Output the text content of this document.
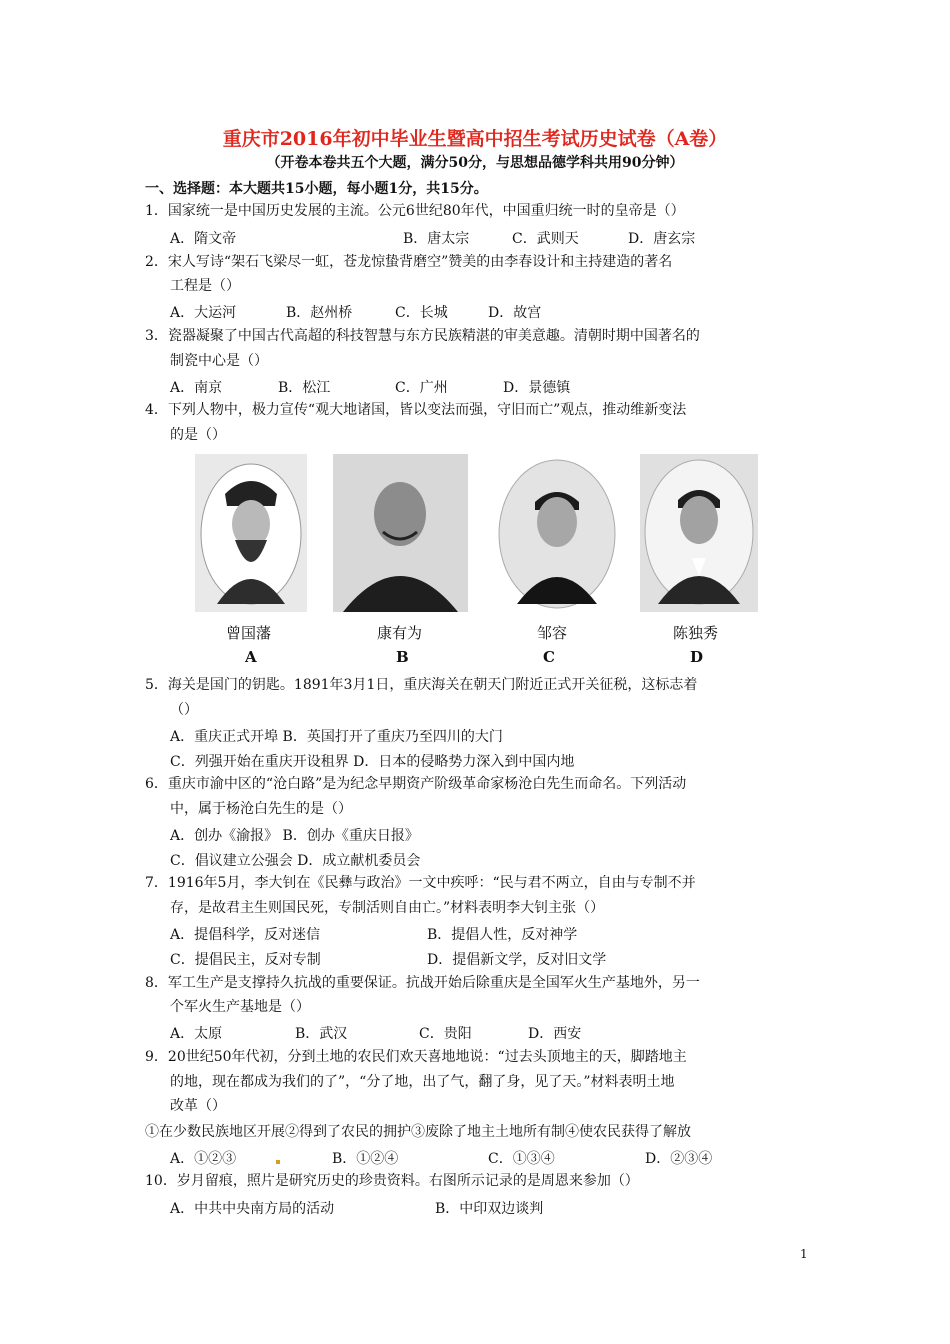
重庆市2016年初中毕业生暨高中招生考试历史试卷（A卷）
（开卷本卷共五个大题，满分50分，与思想品德学科共用90分钟）
一、选择题：本大题共15小题，每小题1分，共15分。
1．国家统一是中国历史发展的主流。公元6世纪80年代，中国重归统一时的皇帝是（）
A．隋文帝	B．唐太宗	C．武则天	D．唐玄宗
2．宋人写诗“架石飞梁尽一虹，苍龙惊蛰背磨空”赞美的由李春设计和主持建造的著名
工程是（）
A．大运河	B．赵州桥	C．长城	D．故宫
3．瓷器凝聚了中国古代高超的科技智慧与东方民族精湛的审美意趣。清朝时期中国著名的
制瓷中心是（）
A．南京	B．松江	C．广州	D．景德镇
4．下列人物中，极力宣传“观大地诸国，皆以变法而强，守旧而亡”观点，推动维新变法
的是（）
曾国藩	康有为	邹容	陈独秀
A	B	C	D
5．海关是国门的钥匙。1891年3月1日，重庆海关在朝天门附近正式开关征税，这标志着
（）
A．重庆正式开埠 B．英国打开了重庆乃至四川的大门
C．列强开始在重庆开设租界 D．日本的侵略势力深入到中国内地
6．重庆市渝中区的“沧白路”是为纪念早期资产阶级革命家杨沧白先生而命名。下列活动
中，属于杨沧白先生的是（）
A．创办《渝报》 B．创办《重庆日报》
C．倡议建立公强会 D．成立献机委员会
7．1916年5月，李大钊在《民彝与政治》一文中疾呼：“民与君不两立，自由与专制不并
存，是故君主生则国民死，专制活则自由亡。”材料表明李大钊主张（）
A．提倡科学，反对迷信	B．提倡人性，反对神学
C．提倡民主，反对专制	D．提倡新文学，反对旧文学
8．军工生产是支撑持久抗战的重要保证。抗战开始后除重庆是全国军火生产基地外，另一
个军火生产基地是（）
A．太原	B．武汉	C．贵阳	D．西安
9．20世纪50年代初，分到土地的农民们欢天喜地地说：“过去头顶地主的天，脚踏地主
的地，现在都成为我们的了”，“分了地，出了气，翻了身，见了天。”材料表明土地
改革（）
①在少数民族地区开展②得到了农民的拥护③废除了地主土地所有制④使农民获得了解放
A．①②③	B．①②④	C．①③④	D．②③④
10．岁月留痕，照片是研究历史的珍贵资料。右图所示记录的是周恩来参加（）
A．中共中央南方局的活动	B．中印双边谈判
1
